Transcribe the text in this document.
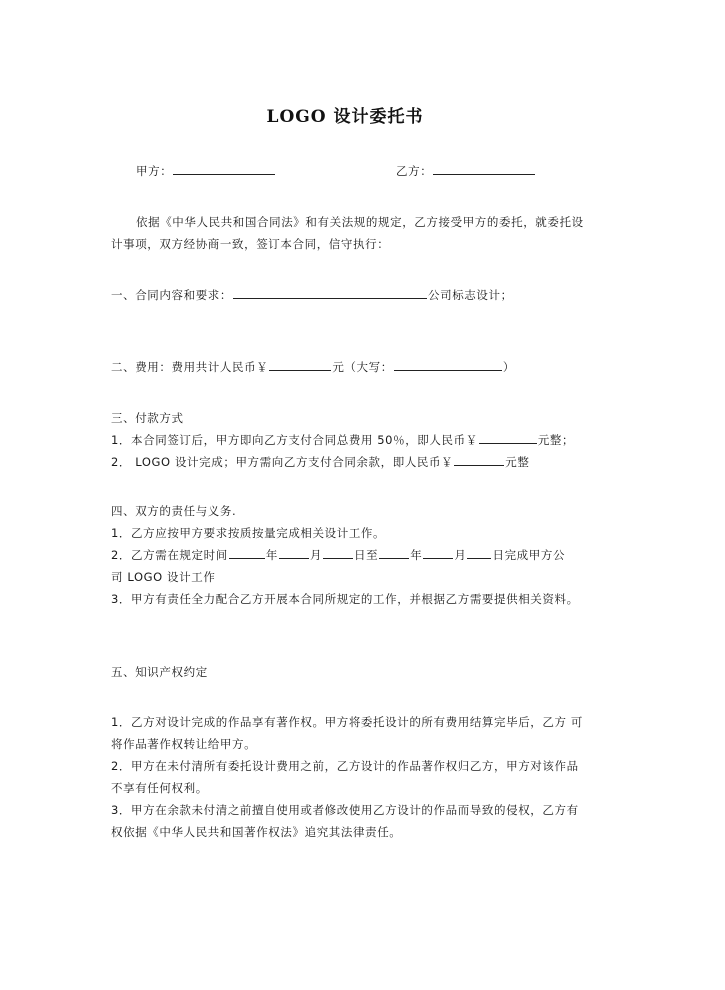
LOGO 设计委托书
甲方：	乙方：
依据《中华人民共和国合同法》和有关法规的规定，乙方接受甲方的委托，就委托设
计事项，双方经协商一致，签订本合同，信守执行：
一、合同内容和要求：	公司标志设计；
二、费用：费用共计人民币￥	元（大写：	）
三、付款方式
1．本合同签订后，甲方即向乙方支付合同总费用 50％，即人民币￥	元整；
2． LOGO 设计完成；甲方需向乙方支付合同余款，即人民币￥	元整
四、双方的责任与义务.
1．乙方应按甲方要求按质按量完成相关设计工作。
2．乙方需在规定时间	年	月	日至	年	月 日完成甲方公
司 LOGO 设计工作
3．甲方有责任全力配合乙方开展本合同所规定的工作，并根据乙方需要提供相关资料。
五、知识产权约定
1．乙方对设计完成的作品享有著作权。甲方将委托设计的所有费用结算完毕后，乙方 可
将作品著作权转让给甲方。
2．甲方在未付清所有委托设计费用之前，乙方设计的作品著作权归乙方，甲方对该作品
不享有任何权利。
3．甲方在余款未付清之前擅自使用或者修改使用乙方设计的作品而导致的侵权，乙方有
权依据《中华人民共和国著作权法》追究其法律责任。
